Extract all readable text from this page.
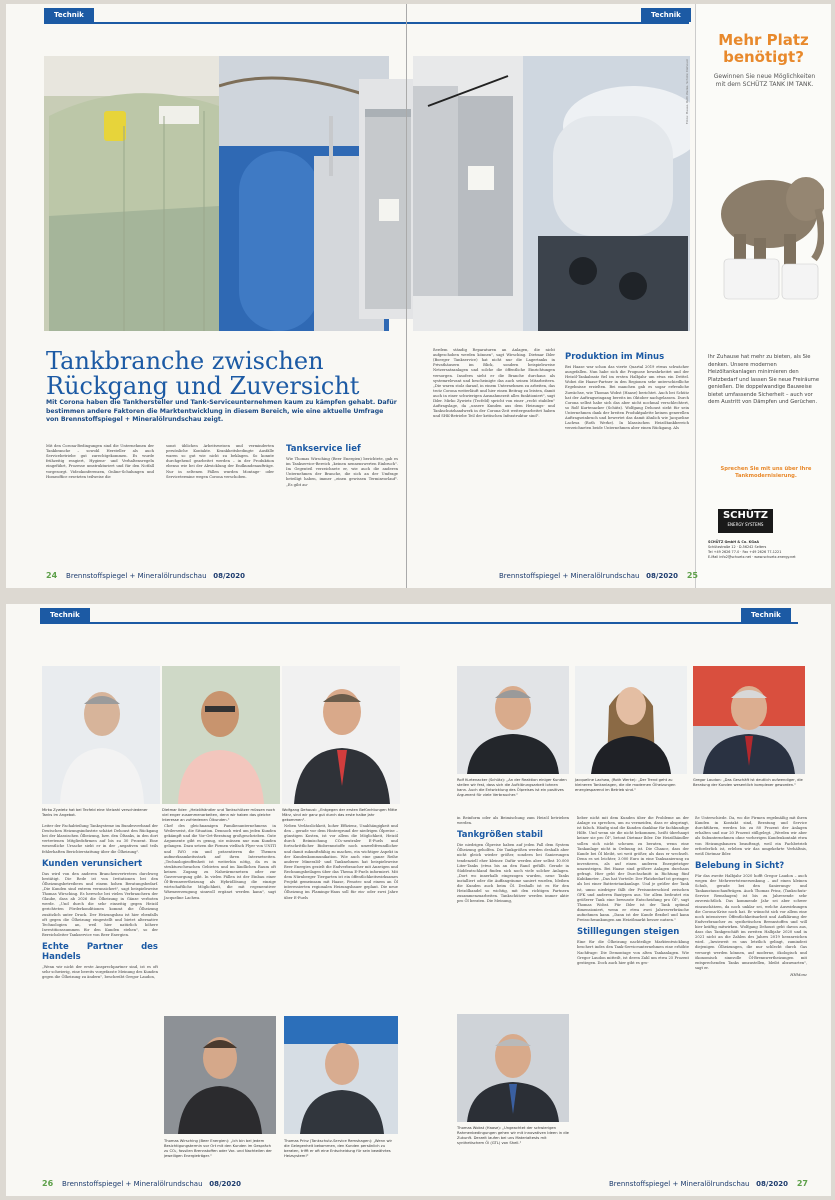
Technik
Tankbranche zwischen
Rückgang und Zuversicht
Mit Corona haben die Tankhersteller und Tank-Serviceunternehmen kaum zu kämpfen gehabt. Dafür bestimmen andere Faktoren die Marktentwicklung in diesem Bereich, wie eine aktuelle Umfrage von Brennstoffspiegel + Mineralölrundschau zeigt.
Mit den Corona-Bedingungen sind die Unternehmen der Tankbranche – sowohl Hersteller als auch Servicebetriebe gut zurechtgekommen. Es wurde frühzeitig reagiert, Hygiene- und Verhaltensregeln eingeführt, Prozesse umstrukturiert und für den Notfall vorgesorgt. Videokonferenzen, Online-Schulungen und Homeoffice ersetzten teilweise die
sonst üblichen Arbeitsweisen und verminderten persönliche Kontakte. Krankheitsbedingte Ausfälle waren so gut wie nicht zu beklagen. So konnte durchgehend gearbeitet werden – in der Produktion ebenso wie bei der Abwicklung der Endkundenaufträge. Nur in seltenen Fällen wurden Montage- oder Servicetermine wegen Corona verschoben.
Tankservice lief
Wie Thomas Wirsching (Beer Energien) berichtete, gab es im Tankservice-Bereich „keinen nennenswerten Einbruch". Im Gegenteil verzeichnete er, wie auch die anderen Unternehmen der Branche, die sich an der Umfrage beteiligt haben, immer „einen gewissen Terminvorlauf". „Es gibt au-
24 Brennstoffspiegel + Mineralölrundschau 08/2020
Technik
Fotos: Haase, Roth Werke, Schütz, Dehoust
Mehr Platz
benötigt?
Gewinnen Sie neue Möglichkeiten mit dem SCHÜTZ TANK IM TANK.
Ihr Zuhause hat mehr zu bieten, als Sie denken. Unsere modernen Heizöltankanlagen minimieren den Platzbedarf und lassen Sie neue Freiräume genießen. Die doppelwandige Bauweise bietet umfassende Sicherheit – auch vor dem Austritt von Dämpfen und Gerüchen.
Sprechen Sie mit uns über Ihre Tankmodernisierung.
SCHÜTZ
ENERGY SYSTEMS
SCHÜTZ GmbH & Co. KGaA
Schützstraße 12 · D-56242 Selters
Tel +49 2626 77-0 · Fax +49 2626 77-1221
E-Mail info2@schuetz.net · www.schuetz-energy.net
ßerdem ständig Reparaturen an Anlagen, die nicht aufgeschoben werden können", sagt Wirsching. Dietmar Ibler (Boerger Tankservice) hat nicht nur die Lagertanks in Privathäusern im Blick, sondern beispielsweise Netzersatzanlagen und solche die öffentliche Einrichtungen versorgen. Insofern sieht er die Branche durchaus als systemrelevant und bescheinigte das auch seinen Mitarbeitern. „Die waren stolz darauf, in einem Unternehmen zu arbeiten, das trotz Corona weiterläuft und hier einen Beitrag zu leisten, damit auch in einer schwierigen Ausnahmezeit alles funktioniert", sagt Ibler. Mirko Zywietz (Tecfeld) spricht von einer „recht stabilen" Auftragslage, da „unsere Kunden aus dem Heizungs- und Tankschutzhandwerk in der Corona-Zeit weitergearbeitet haben und SHK-Betriebe Teil der kritischen Infrastruktur sind".
Produktion im Minus
Bei Haase war schon das vierte Quartal 2019 etwas schwächer ausgefallen. Nun habe sich die Prognose bewahrheitet und der Heizöl-Tankabsatz fiel im ersten Halbjahr um etwa ein Drittel. Wobei die Haase-Partner in den Regionen sehr unterschiedliche Ergebnisse erzielten. Bei manchen gab es sogar erfreuliche Zuwächse, wie Thomas Wobst (Haase) berichtet. Auch bei Schütz hat der Auftragseingang bereits im Oktober nachgelassen. Durch Corona selbst habe sich das aber nicht nochmal verschlechtert, so Rolf Kurtenacker (Schütz). Wolfgang Dehoust sieht für sein Unternehmen dank der breiten Produktpalette keinen generellen Auftragseinbruch und bewertet das damit ähnlich wie Jacqueline Lachwa (Roth Werke). In klassischen Heizöltankbereich verzeichneten beide Unternehmen aber einen Rückgang. Als
Brennstoffspiegel + Mineralölrundschau 08/2020 25
Technik
Mirko Zywietz hat bei Tecfeld eine Vielzahl verschiedener Tanks im Angebot.
Dietmar Ibler: „Heizölhändler und Tankschützer müssen noch viel enger zusammenarbeiten, denn wir haben das gleiche Interesse an zufriedenen Ölkunden."
Wolfgang Dehoust: „Entgegen der ersten Befürchtungen Mitte März, sind wir ganz gut durch das erste halbe Jahr gekommen".

Leiter der Fachabteilung Tanksysteme im Bundesverband der Deutschen Heizungsindustrie schätzt Dehoust den Rückgang bei der klassischen Ölbeizung, bzw. den Öltanks, in den dort vertretenen Mitgliedsfirmen auf bis zu 30 Prozent. Eine wesentliche Ursache sieht er in der „negativen und teils fehlerhaften Berichterstattung über die Ölheizung".

Kunden verunsichert

Das wird von den anderen Branchenvertretern durchweg bestätigt. Die Rede ist von Irritationen bei den Ölheizungsbetreibern und einem hohen Beratungsbedarf. „Die Kunden sind extrem verunsichert", sagt beispielsweise Thomas Wirsching. Es herrsche bei vielen Verbrauchern der Glaube, dass ab 2026 die Ölheizung in Gänze verboten werde. „Und durch die sehr einseitig gegen Heizöl gerichteten Förderkonditionen kommt die Ölheizung zusätzlich unter Druck. Der Heizungsbau ist hier ebenfalls oft gegen die Ölheizung eingestellt und bietet alternative Technologien an, weil hier natürlich höhere Investitionssummen für den Kunden stehen", so der Bereichsleiter Tankservice von Beer Energien.

Echte Partner des Handels

„Wenn wir nicht der erste Ansprechpartner sind, ist es oft sehr schwierig, eine bereits vorgefasste Meinung des Kunden gegen die Ölheizung zu ändern", beschreibt Gregor Laudon,

Chef des gleichnamigen Familienunternehmens in Weilerswist, die Situation. Dennoch wird um jeden Kunden gekämpft und die Vor-Ort-Beratung großgeschrieben. Gute Argumente gibt es genug, sie müssen nur zum Kunden gelangen. Dazu setzen die Firmen vielfach Flyer von UNITI und IWO ein und präsentieren die Themen aufmerksamkeitsstark auf ihren Internetseiten. „Technologieoffenheit ist weiterhin nötig, da es in strukturschwachen Gebieten und im ländlichen Raum oft keinen Zugang zu Nahwärmenetzen oder zur Gasversorgung gibt. In vielen Fällen ist der Einbau einer Öl-Brennwertheizung als Hybridlösung die einzige wirtschaftliche Möglichkeit, die mit regenerativer Wärmeerzeugung sinnvoll ergänzt werden kann", sagt Jacqueline Lachwa.
Neben Verlässlichkeit, hoher Effizienz, Unabhängigkeit und den – gerade vor dem Hintergrund der niedrigen Ölpreise – günstigen Kosten, ist vor allem die Möglichkeit, Heizöl durch Beimischung CO₂-neutraler E-Fuels und fortschrittlicher Biobrennstoffe noch umweltfreundlicher und damit zukunftsfähig zu machen, ein wichtiger Aspekt in der Kundenkommunikation. Wie auch eine ganze Reihe anderer Mineralöl- und Tanknehmen hat beispielsweise Beer Energies gezielt die Endverbraucher mit Anzeigen und Rechnungsbeilagen über das Thema E-Fuels informiert. Mit dem Nürnberger Tiergarten ist ein öffentlichkeitswirksames Projekt gemeinsam mit Haase, Fenotec und einem an Öl interessierten regionalen Heizungsbauer geplant. Die neue Ölheizung im Flamingo-Haus soll für ein- oder zwei Jahre über E-Fuels
Thomas Wirsching (Beer Energien): „Ich bin bei jedem Besichtigungstermin vor Ort mit den Kunden im Gespräch zu CO₂, fossilen Brennstoffen oder Vor- und Nachteilen der jeweiligen Energieträger."
Thomas Prinz (Tankschutz-Service Remshagen): „Wenn wir die Gelegenheit bekommen, den Kunden persönlich zu beraten, trifft er oft eine Entscheidung für sein bewährtes Heizsystem!"
26 Brennstoffspiegel + Mineralölrundschau 08/2020
Technik
Rolf Kurtenacker (Schütz): „An der Reaktion einiger Kunden stellen wir fest, dass sich die Aufklärungsarbeit lohnen kann. Auch die Entwicklung des Ölpreises ist ein positives Argument für viele Verbraucher."
Jacqueline Lachwa, (Roth Werke): „Der Trend geht zu kleineren Tankanlagen, die die modernen Ölheizungen energiesparend im Betrieb sind."
Gregor Laudon: „Das Geschäft ist deutlich aufwendiger, die Beratung der Kunden wesentlich komplexer geworden."

in Reinform oder als Beimischung zum Heizöl betrieben werden.

Tankgrößen stabil

Die niedrigen Ölpreise haben auf jeden Fall dem System Ölheizung geholfen. Die Tankgrößen werden deshalb aber nicht gleich wieder größer, sondern bei Sanierungen tendenziell eher kleiner. Dafür werden aber selbst 10.000 Liter-Tanks (etwa bis an den Rand gefüllt. Gerade in Süddeutschland finden sich noch viele solcher Anlagen. „Dort wo innerhalb eingezogen wurden, neue Tanks installiert oder die Auffangräume saniert wurden, bleiben die Kunden auch beim Öl. Deshalb ist es für den Heizölhandel so wichtig, mit den richtigen Partnern zusammenzuarbeiten. Tankschützer werden immer aktiv pro Öl beraten. Die Meinung,

Thomas Wobst (Haase): „Ungeachtet der schwierigen Rahmenbedingungen gehen wir mit innovativen Ideen in die Zukunft. Derzeit laufen bei uns Materialtests mit synthetischem Öl (GTL) von Shell."

lieber nicht mit dem Kunden über die Probleme an der Anlage zu sprechen, um zu vermeiden, dass er abspringt, ist falsch. Häufig sind die Kunden dankbar für fachkundige Hilfe. Und wenn sie die nicht bekommen, heißt überhaupt keiner sie pro Öl", betont Dietmar Ibler. Die Heizölhändler sollen sich nicht scheuen zu beraten, wenn eine Tankanlage nicht in Ordnung ist. Die Chance, dass der Kunde bei Öl bleibt, sei weit größer, als dass er wechselt. Denn es sei leichter, 3.000 Euro in eine Tanksanierung zu investieren, als auf einen anderen Energieträger umzusteigen. Bei Haase sind größere Anlagen durchaus gefragt. Hier geht der Durchschnitt in Richtung fünf Kubikmeter. „Das hat Vorteile: Der Platzbedarf ist geringer, als bei einer Batterietankanlage. Und je größer der Tank ist, umso niedriger fällt der Preisunterschied zwischen GFK und anderen Bautypen aus. Vor allem bedeutet ein größerer Tank eine bewusste Entscheidung pro Öl", sagt Thomas Wobst. Für Ibler ist der Tank optimal dimensioniert, wenn er etwa zwei Jahresverbräuche aufnehmen kann. „Dann ist der Kunde flexibel und kann Preisschwankungen am Heizölmarkt besser nutzen."

Stilllegungen steigen

Eine für die Ölheizung nachteilige Marktentwicklung beschert indes den Tank-Serviceunternehmen eine erhöhte Nachfrage: Die Demontage von alten Tankanlagen. Wie Gregor Laudon mitteilt, ist deren Zahl um etwa 25 Prozent gestiegen. Doch auch hier gibt es gro-

ße Unterschiede. Da, wo die Firmen regelmäßig mit ihren Kunden in Kontakt sind, Beratung und Service durchführen, werden bis zu 80 Prozent der Anlagen erhalten und nur 20 Prozent stillgelegt. „Werden wir aber als Subunternehmen ohne vorherigen Kundenkontakt etwa von Heizungsbauern beauftragt, weil ein Fachbetrieb erforderlich ist, erleben wir das umgekehrte Verhältnis, weiß Dietmar Ibler.

Belebung in Sicht?

Für das zweite Halbjahr 2020 hofft Gregor Laudon – auch wegen der Mehrwertsteuersenkung – auf einen kleinen Schub, gerade bei den Sanierungs- und Tankaustauschaufträgen. Auch Thomas Prinz, (Tankschutz-Service Remshagen) ist bis zu Jahresende sehr zuversichtlich. Das kommende Jahr sei aber schwer einzuschätzen, da noch unklar sei, welche Auswirkungen die Corona-Krise noch hat. Er wünscht sich vor allem eine noch intensivere Öffentlichkeitsarbeit und Aufklärung der Endverbraucher zu synthetischen Brennstoffen und will hier kräftig mitwirken. Wolfgang Dehoust geht davon aus, dass das Tankgeschäft im zweiten Halbjahr 2020 und in 2021 nicht an die Zahlen des Jahres 2019 heranreichen wird. „Inwieweit es uns letztlich gelingt, zumindest diejenigen Ölheizungen, die nur schlecht durch Gas versorgt werden können, auf moderne, ökologisch und ökonomisch sinnvolle Öl-Brennwertheizungen mit entsprechenden Tanks umzustellen, bleibt abzuwarten", sagt er.

HHMonz

Brennstoffspiegel + Mineralölrundschau 08/2020 27
